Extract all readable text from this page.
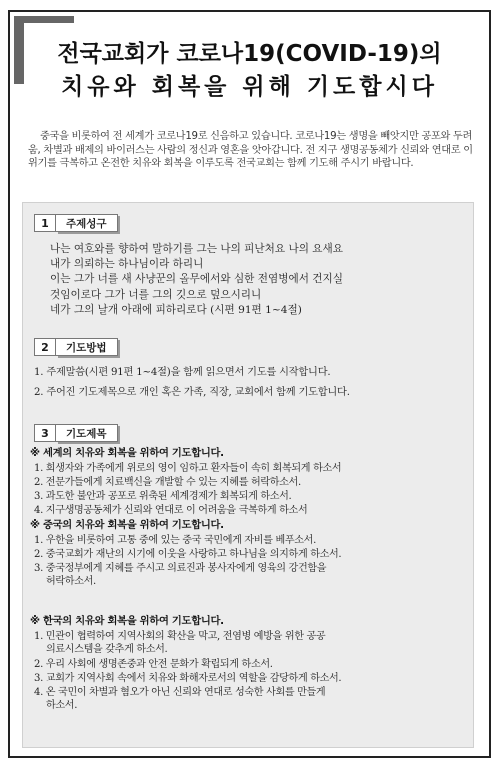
전국교회가 코로나19(COVID-19)의
치유와 회복을 위해 기도합시다
중국을 비롯하여 전 세계가 코로나19로 신음하고 있습니다. 코로나19는 생명을 빼앗지만 공포와 두려움, 차별과 배제의 바이러스는 사람의 정신과 영혼을 앗아갑니다. 전 지구 생명공동체가 신뢰와 연대로 이 위기를 극복하고 온전한 치유와 회복을 이루도록 전국교회는 함께 기도해 주시기 바랍니다.
1	주제성구
나는 여호와를 향하여 말하기를 그는 나의 피난처요 나의 요새요
내가 의뢰하는 하나님이라 하리니
이는 그가 너를 새 사냥꾼의 올무에서와 심한 전염병에서 건지실
것임이로다 그가 너를 그의 깃으로 덮으시리니
네가 그의 날개 아래에 피하리로다 (시편 91편 1~4절)
2	기도방법
1. 주제말씀(시편 91편 1~4절)을 함께 읽으면서 기도를 시작합니다.
2. 주어진 기도제목으로 개인 혹은 가족, 직장, 교회에서 함께 기도합니다.
3	기도제목
※ 세계의 치유와 회복을 위하여 기도합니다.
1. 희생자와 가족에게 위로의 영이 임하고 환자들이 속히 회복되게 하소서
2. 전문가들에게 치료백신을 개발할 수 있는 지혜를 허락하소서.
3. 과도한 불안과 공포로 위축된 세계경제가 회복되게 하소서.
4. 지구생명공동체가 신뢰와 연대로 이 어려움을 극복하게 하소서
※ 중국의 치유와 회복을 위하여 기도합니다.
1. 우한을 비롯하여 고통 중에 있는 중국 국민에게 자비를 베푸소서.
2. 중국교회가 재난의 시기에 이웃을 사랑하고 하나님을 의지하게 하소서.
3. 중국정부에게 지혜를 주시고 의료진과 봉사자에게 영육의 강건함을
허락하소서.
※ 한국의 치유와 회복을 위하여 기도합니다.
1. 민관이 협력하여 지역사회의 확산을 막고, 전염병 예방을 위한 공공
의료시스템을 갖추게 하소서.
2. 우리 사회에 생명존중과 안전 문화가 확립되게 하소서.
3. 교회가 지역사회 속에서 치유와 화해자로서의 역할을 감당하게 하소서.
4. 온 국민이 차별과 혐오가 아닌 신뢰와 연대로 성숙한 사회를 만들게
하소서.
